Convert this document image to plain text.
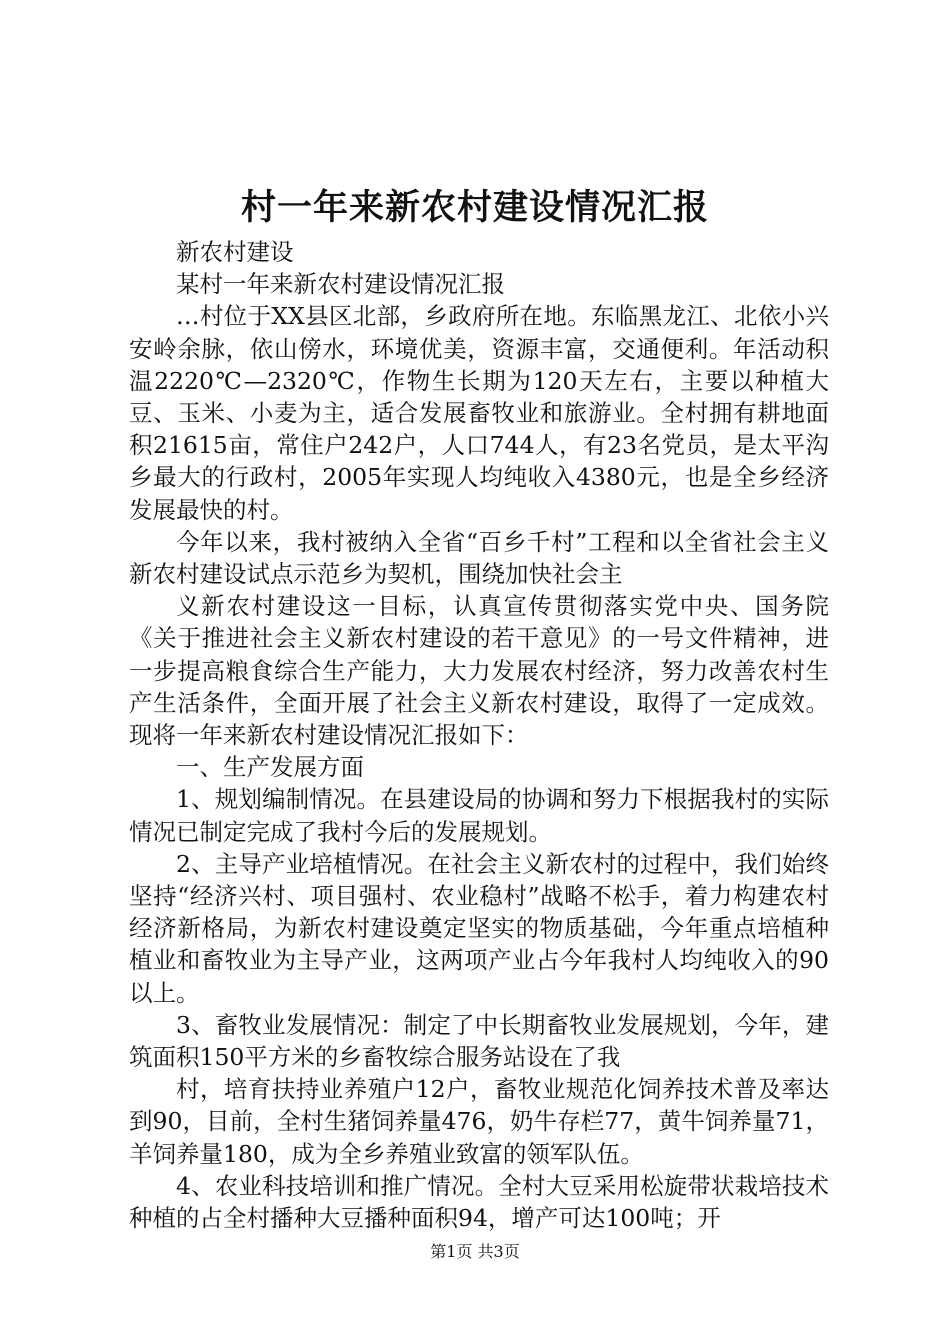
村一年来新农村建设情况汇报

新农村建设

某村一年来新农村建设情况汇报

…村位于XX县区北部，乡政府所在地。东临黑龙江、北依小兴安岭余脉，依山傍水，环境优美，资源丰富，交通便利。年活动积温2220℃—2320℃，作物生长期为120天左右，主要以种植大豆、玉米、小麦为主，适合发展畜牧业和旅游业。全村拥有耕地面积21615亩，常住户242户，人口744人，有23名党员，是太平沟乡最大的行政村，2005年实现人均纯收入4380元，也是全乡经济发展最快的村。

今年以来，我村被纳入全省“百乡千村”工程和以全省社会主义新农村建设试点示范乡为契机，围绕加快社会主

义新农村建设这一目标，认真宣传贯彻落实党中央、国务院《关于推进社会主义新农村建设的若干意见》的一号文件精神，进一步提高粮食综合生产能力，大力发展农村经济，努力改善农村生产生活条件，全面开展了社会主义新农村建设，取得了一定成效。现将一年来新农村建设情况汇报如下：

一、生产发展方面

1、规划编制情况。在县建设局的协调和努力下根据我村的实际情况已制定完成了我村今后的发展规划。

2、主导产业培植情况。在社会主义新农村的过程中，我们始终坚持“经济兴村、项目强村、农业稳村”战略不松手，着力构建农村经济新格局，为新农村建设奠定坚实的物质基础，今年重点培植种植业和畜牧业为主导产业，这两项产业占今年我村人均纯收入的90以上。

3、畜牧业发展情况：制定了中长期畜牧业发展规划，今年，建筑面积150平方米的乡畜牧综合服务站设在了我

村，培育扶持业养殖户12户，畜牧业规范化饲养技术普及率达到90，目前，全村生猪饲养量476，奶牛存栏77，黄牛饲养量71，羊饲养量180，成为全乡养殖业致富的领军队伍。

4、农业科技培训和推广情况。全村大豆采用松旋带状栽培技术种植的占全村播种大豆播种面积94，增产可达100吨；开

第1页 共3页
